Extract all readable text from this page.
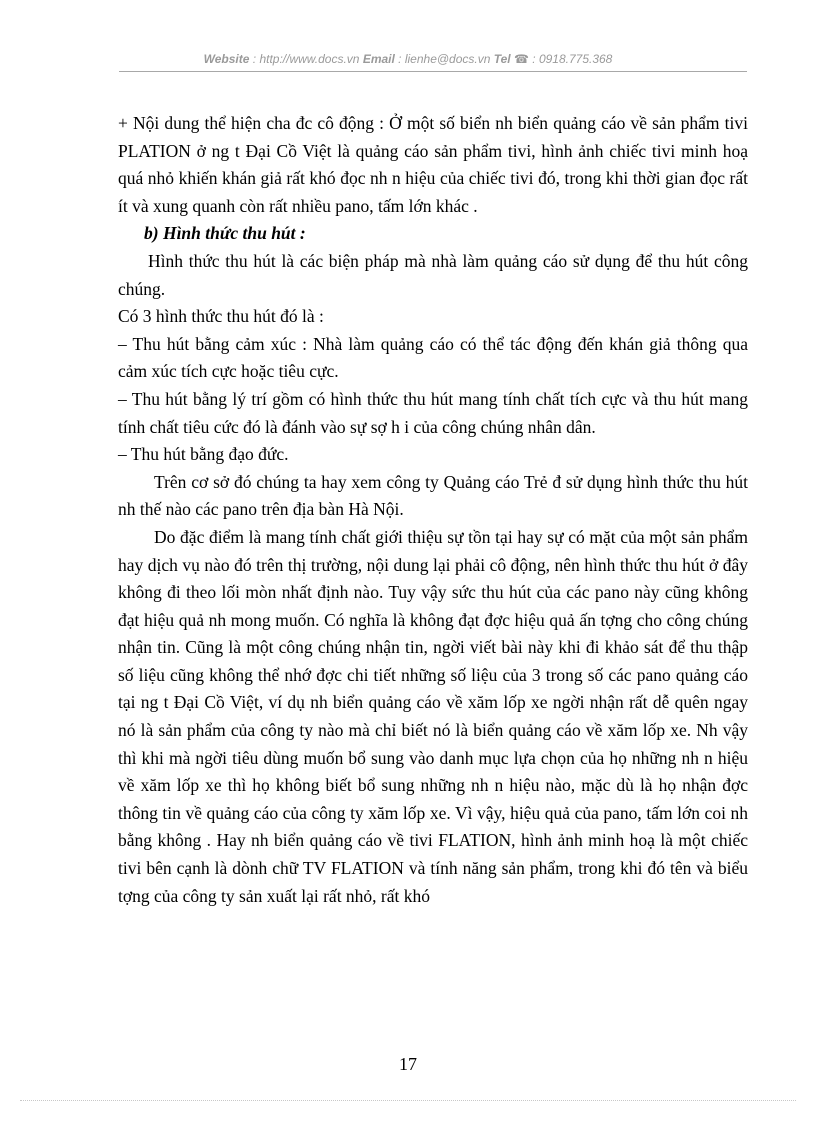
Website : http://www.docs.vn Email : lienhe@docs.vn Tel ☎ : 0918.775.368

+ Nội dung thể hiện cha đc cô động : Ở một số biển nh biển quảng cáo về sản phẩm tivi PLATION ở ng t Đại Cồ Việt là quảng cáo sản phẩm tivi, hình ảnh chiếc tivi minh hoạ quá nhỏ khiến khán giả rất khó đọc nh n hiệu của chiếc tivi đó, trong khi thời gian đọc rất ít và xung quanh còn rất nhiều pano, tấm lớn khác .

b) Hình thức thu hút :

Hình thức thu hút là các biện pháp mà nhà làm quảng cáo sử dụng để thu hút công chúng.

Có 3 hình thức thu hút đó là :

– Thu hút bằng cảm xúc : Nhà làm quảng cáo có thể tác động đến khán giả thông qua cảm xúc tích cực hoặc tiêu cực.

– Thu hút bằng lý trí gồm có hình thức thu hút mang tính chất tích cực và thu hút mang tính chất tiêu cức đó là đánh vào sự sợ h i của công chúng nhân dân.

– Thu hút bằng đạo đức.

Trên cơ sở đó chúng ta hay xem công ty Quảng cáo Trẻ đ sử dụng hình thức thu hút nh thế nào các pano trên địa bàn Hà Nội.

Do đặc điểm là mang tính chất giới thiệu sự tồn tại hay sự có mặt của một sản phẩm hay dịch vụ nào đó trên thị trường, nội dung lại phải cô động, nên hình thức thu hút ở đây không đi theo lối mòn nhất định nào. Tuy vậy sức thu hút của các pano này cũng không đạt hiệu quả nh mong muốn. Có nghĩa là không đạt đợc hiệu quả ấn tợng cho công chúng nhận tin. Cũng là một công chúng nhận tin, ngời viết bài này khi đi khảo sát để thu thập số liệu cũng không thể nhớ đợc chi tiết những số liệu của 3 trong số các pano quảng cáo tại ng t Đại Cồ Việt, ví dụ nh biển quảng cáo về xăm lốp xe ngời nhận rất dễ quên ngay nó là sản phẩm của công ty nào mà chỉ biết nó là biển quảng cáo về xăm lốp xe. Nh vậy thì khi mà ngời tiêu dùng muốn bổ sung vào danh mục lựa chọn của họ những nh n hiệu về xăm lốp xe thì họ không biết bổ sung những nh n hiệu nào, mặc dù là họ nhận đợc thông tin về quảng cáo của công ty xăm lốp xe. Vì vậy, hiệu quả của pano, tấm lớn coi nh bằng không . Hay nh biển quảng cáo về tivi FLATION, hình ảnh minh hoạ là một chiếc tivi bên cạnh là dònh chữ TV FLATION và tính năng sản phẩm, trong khi đó tên và biểu tợng của công ty sản xuất lại rất nhỏ, rất khó

17
